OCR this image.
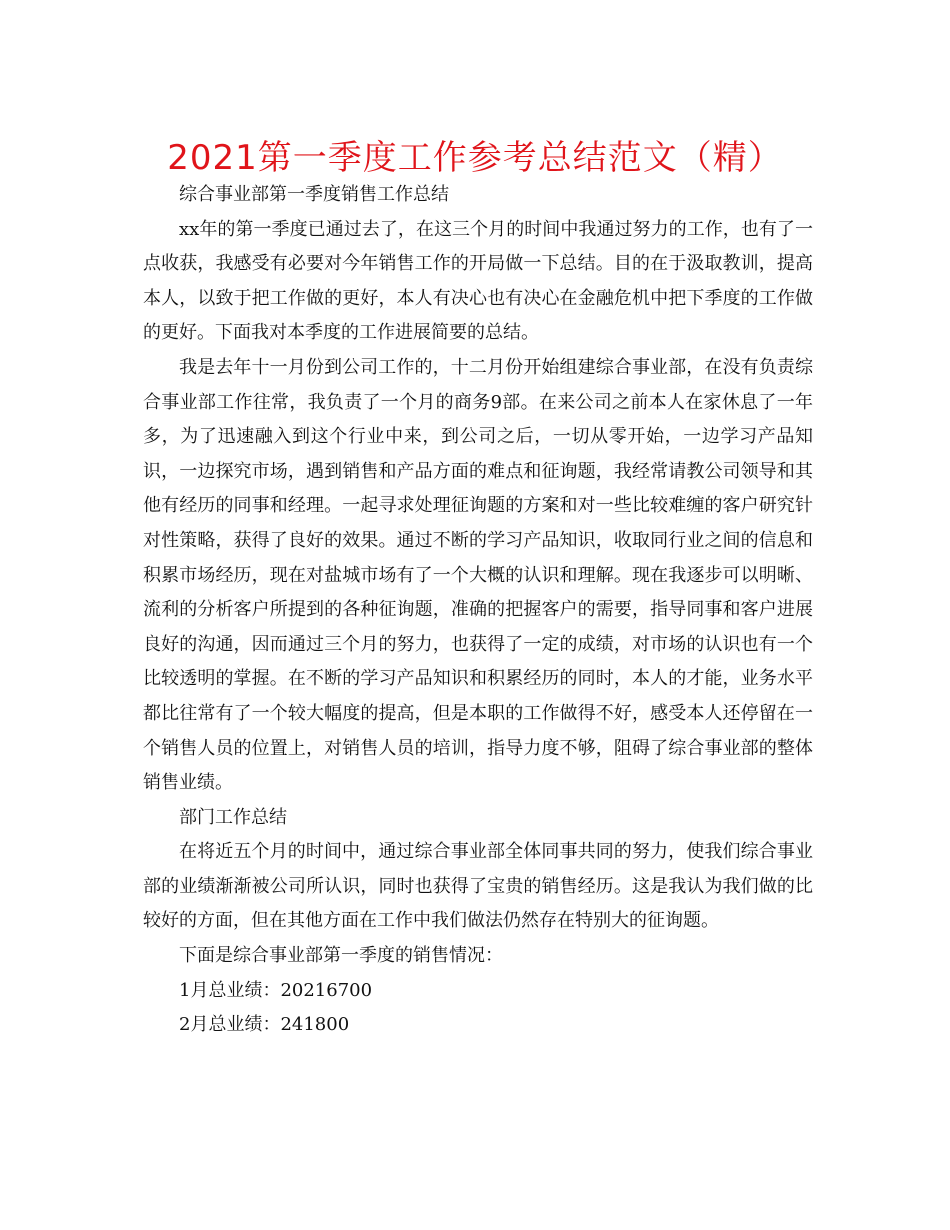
2021第一季度工作参考总结范文（精）

综合事业部第一季度销售工作总结

xx年的第一季度已通过去了，在这三个月的时间中我通过努力的工作，也有了一点收获，我感受有必要对今年销售工作的开局做一下总结。目的在于汲取教训，提高本人，以致于把工作做的更好，本人有决心也有决心在金融危机中把下季度的工作做的更好。下面我对本季度的工作进展简要的总结。

我是去年十一月份到公司工作的，十二月份开始组建综合事业部，在没有负责综合事业部工作往常，我负责了一个月的商务9部。在来公司之前本人在家休息了一年多，为了迅速融入到这个行业中来，到公司之后，一切从零开始，一边学习产品知识，一边探究市场，遇到销售和产品方面的难点和征询题，我经常请教公司领导和其他有经历的同事和经理。一起寻求处理征询题的方案和对一些比较难缠的客户研究针对性策略，获得了良好的效果。通过不断的学习产品知识，收取同行业之间的信息和积累市场经历，现在对盐城市场有了一个大概的认识和理解。现在我逐步可以明晰、流利的分析客户所提到的各种征询题，准确的把握客户的需要，指导同事和客户进展良好的沟通，因而通过三个月的努力，也获得了一定的成绩，对市场的认识也有一个比较透明的掌握。在不断的学习产品知识和积累经历的同时，本人的才能，业务水平都比往常有了一个较大幅度的提高，但是本职的工作做得不好，感受本人还停留在一个销售人员的位置上，对销售人员的培训，指导力度不够，阻碍了综合事业部的整体销售业绩。

部门工作总结

在将近五个月的时间中，通过综合事业部全体同事共同的努力，使我们综合事业部的业绩渐渐被公司所认识，同时也获得了宝贵的销售经历。这是我认为我们做的比较好的方面，但在其他方面在工作中我们做法仍然存在特别大的征询题。

下面是综合事业部第一季度的销售情况：

1月总业绩：20216700

2月总业绩：241800
